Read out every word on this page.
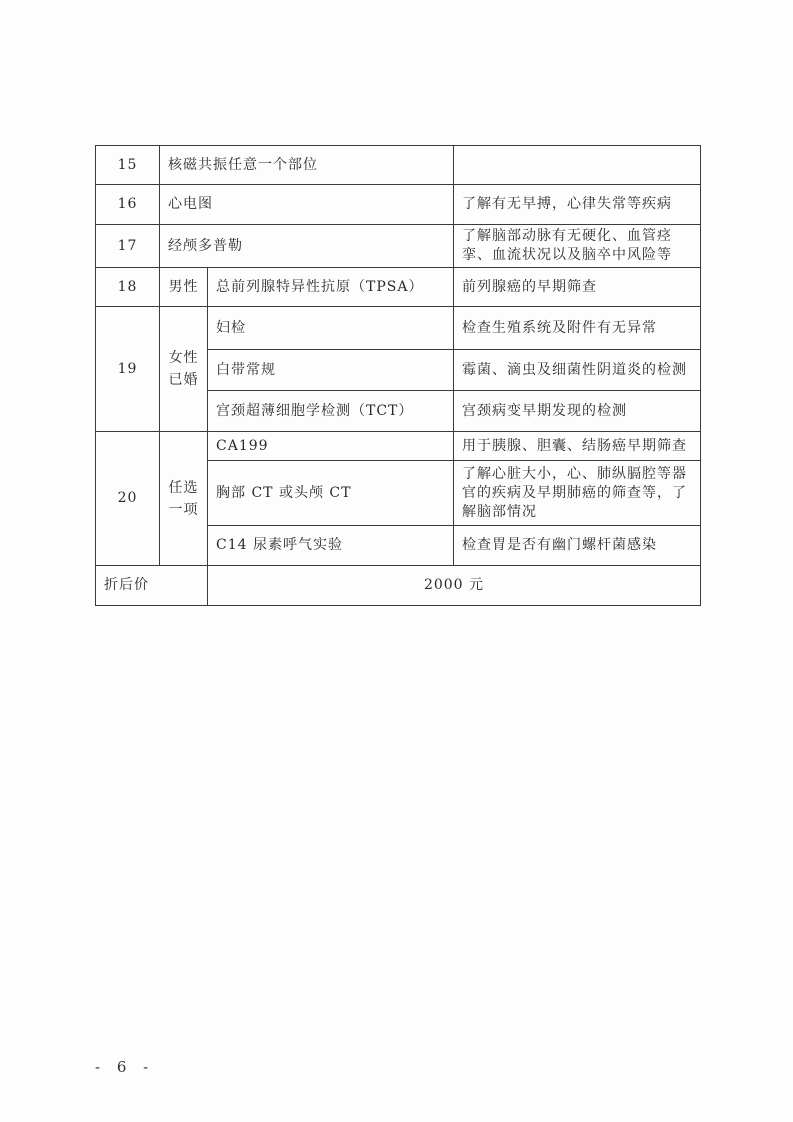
15	核磁共振任意一个部位		
16	心电图		了解有无早搏，心律失常等疾病
17	经颅多普勒		了解脑部动脉有无硬化、血管痉挛、血流状况以及脑卒中风险等
18	男性	总前列腺特异性抗原（TPSA）	前列腺癌的早期筛查
19	女性已婚	妇检	检查生殖系统及附件有无异常
		白带常规	霉菌、滴虫及细菌性阴道炎的检测
		宫颈超薄细胞学检测（TCT）	宫颈病变早期发现的检测
20	任选一项	CA199	用于胰腺、胆囊、结肠癌早期筛查
		胸部 CT 或头颅 CT	了解心脏大小，心、肺纵膈腔等器官的疾病及早期肺癌的筛查等，了解脑部情况
		C14 尿素呼气实验	检查胃是否有幽门螺杆菌感染
折后价		2000 元	
- 6 -
